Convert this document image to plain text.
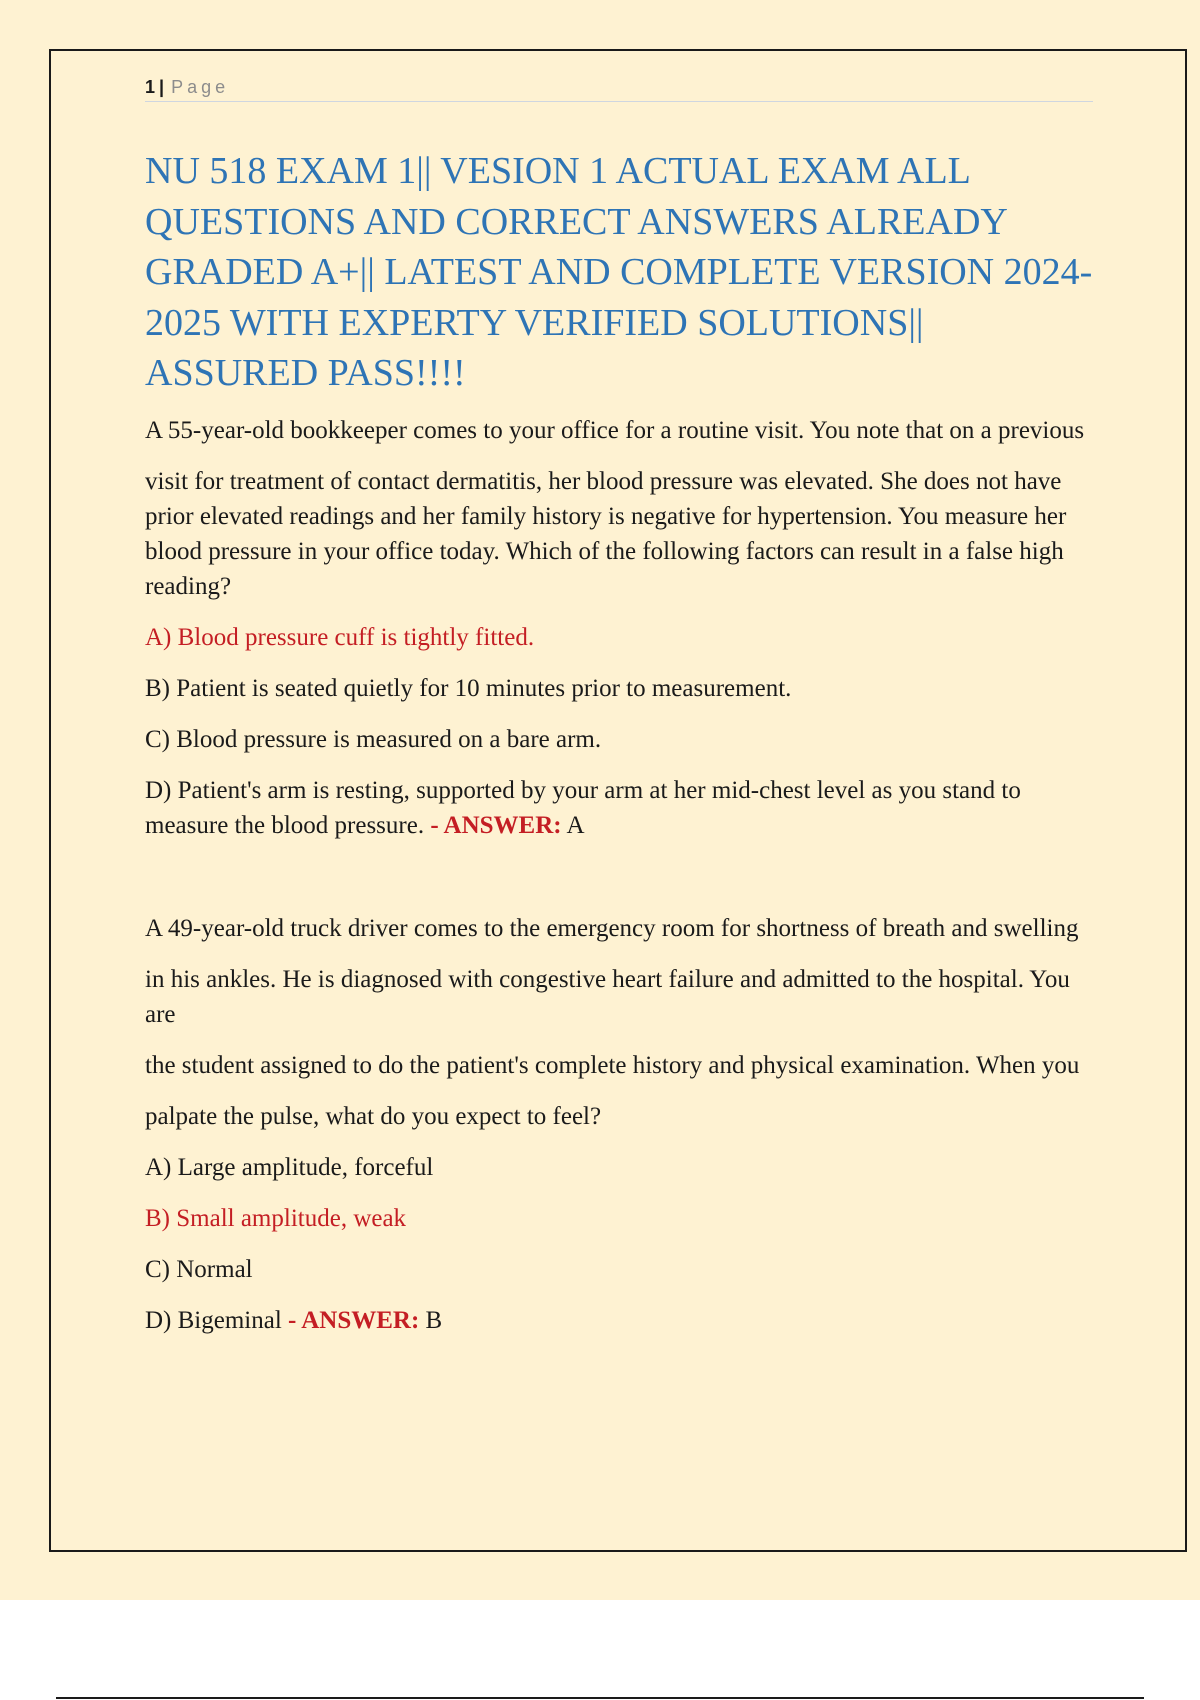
1 | Page
NU 518 EXAM 1|| VESION 1 ACTUAL EXAM ALL QUESTIONS AND CORRECT ANSWERS ALREADY GRADED A+|| LATEST AND COMPLETE VERSION 2024-2025 WITH EXPERTY VERIFIED SOLUTIONS|| ASSURED PASS!!!!

A 55-year-old bookkeeper comes to your office for a routine visit. You note that on a previous

visit for treatment of contact dermatitis, her blood pressure was elevated. She does not have prior elevated readings and her family history is negative for hypertension. You measure her blood pressure in your office today. Which of the following factors can result in a false high reading?

A) Blood pressure cuff is tightly fitted.

B) Patient is seated quietly for 10 minutes prior to measurement.

C) Blood pressure is measured on a bare arm.

D) Patient's arm is resting, supported by your arm at her mid-chest level as you stand to measure the blood pressure. - ANSWER: A

A 49-year-old truck driver comes to the emergency room for shortness of breath and swelling

in his ankles. He is diagnosed with congestive heart failure and admitted to the hospital. You are

the student assigned to do the patient's complete history and physical examination. When you

palpate the pulse, what do you expect to feel?

A) Large amplitude, forceful

B) Small amplitude, weak

C) Normal

D) Bigeminal - ANSWER: B
